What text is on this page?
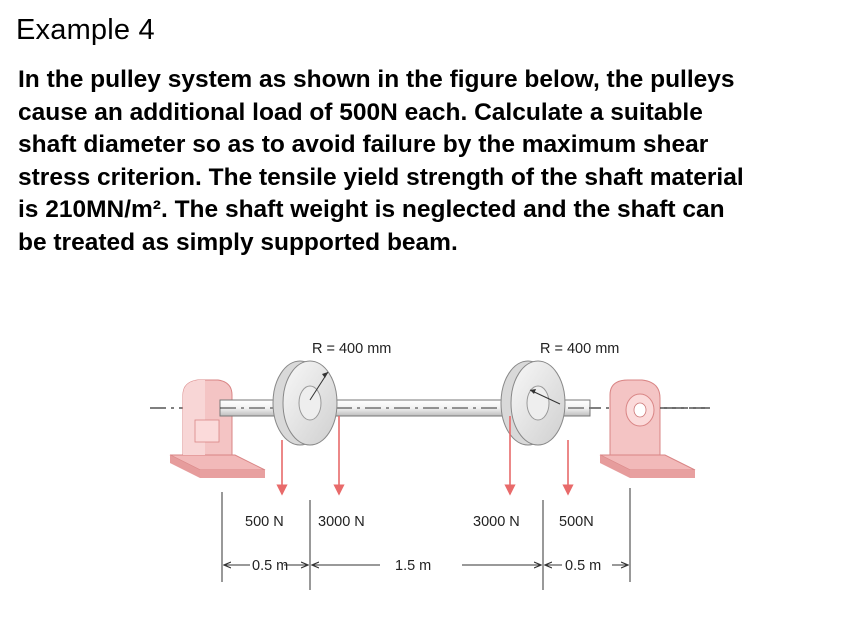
Example 4
In the pulley system as shown in the figure below, the pulleys
cause an additional load of 500N each. Calculate a suitable
shaft diameter so as to avoid failure by the maximum shear
stress criterion. The tensile yield strength of the shaft material
is 210MN/m². The shaft weight is neglected and the shaft can
be treated as simply supported beam.
R = 400 mm	R = 400 mm
500 N 3000 N	3000 N	500N
0.5 m	1.5 m	0.5 m
